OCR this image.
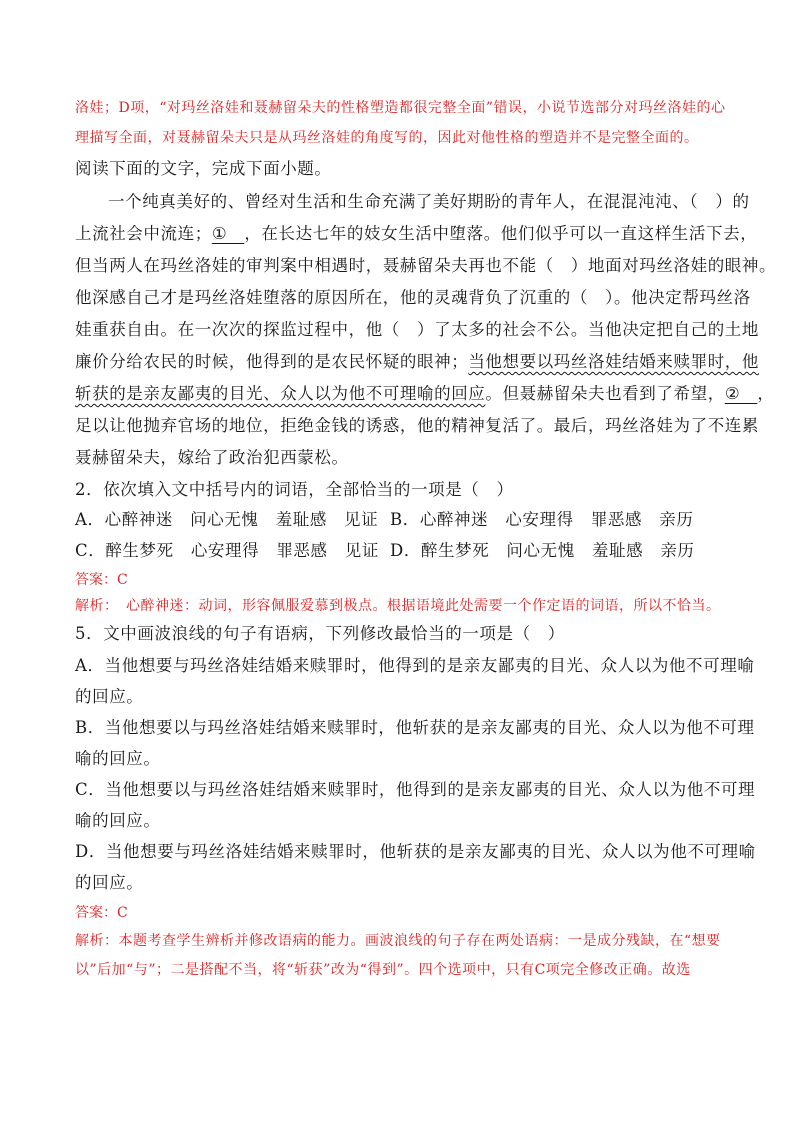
洛娃；D项，“对玛丝洛娃和聂赫留朵夫的性格塑造都很完整全面”错误，小说节选部分对玛丝洛娃的心
理描写全面，对聂赫留朵夫只是从玛丝洛娃的角度写的，因此对他性格的塑造并不是完整全面的。
阅读下面的文字，完成下面小题。
一个纯真美好的、曾经对生活和生命充满了美好期盼的青年人，在混混沌沌、（　）的
上流社会中流连；①　，在长达七年的妓女生活中堕落。他们似乎可以一直这样生活下去，
但当两人在玛丝洛娃的审判案中相遇时，聂赫留朵夫再也不能（　）地面对玛丝洛娃的眼神。
他深感自己才是玛丝洛娃堕落的原因所在，他的灵魂背负了沉重的（　）。他决定帮玛丝洛
娃重获自由。在一次次的探监过程中，他（　）了太多的社会不公。当他决定把自己的土地
廉价分给农民的时候，他得到的是农民怀疑的眼神；当他想要以玛丝洛娃结婚来赎罪时，他
斩获的是亲友鄙夷的目光、众人以为他不可理喻的回应。但聂赫留朵夫也看到了希望，②　，
足以让他抛弃官场的地位，拒绝金钱的诱惑，他的精神复活了。最后，玛丝洛娃为了不连累
聂赫留朵夫，嫁给了政治犯西蒙松。
2．依次填入文中括号内的词语，全部恰当的一项是（　）
A．心醉神迷　问心无愧　羞耻感　见证 B．心醉神迷　心安理得　罪恶感　亲历
C．醉生梦死　心安理得　罪恶感　见证 D．醉生梦死　问心无愧　羞耻感　亲历
答案：C
解析：　心醉神迷：动词，形容佩服爱慕到极点。根据语境此处需要一个作定语的词语，所以不恰当。
5．文中画波浪线的句子有语病，下列修改最恰当的一项是（　）
A．当他想要与玛丝洛娃结婚来赎罪时，他得到的是亲友鄙夷的目光、众人以为他不可理喻
的回应。
B．当他想要以与玛丝洛娃结婚来赎罪时，他斩获的是亲友鄙夷的目光、众人以为他不可理
喻的回应。
C．当他想要以与玛丝洛娃结婚来赎罪时，他得到的是亲友鄙夷的目光、众人以为他不可理
喻的回应。
D．当他想要与玛丝洛娃结婚来赎罪时，他斩获的是亲友鄙夷的目光、众人以为他不可理喻
的回应。
答案：C
解析：本题考查学生辨析并修改语病的能力。画波浪线的句子存在两处语病：一是成分残缺，在“想要
以”后加“与”；二是搭配不当，将“斩获”改为“得到”。四个选项中，只有C项完全修改正确。故选
